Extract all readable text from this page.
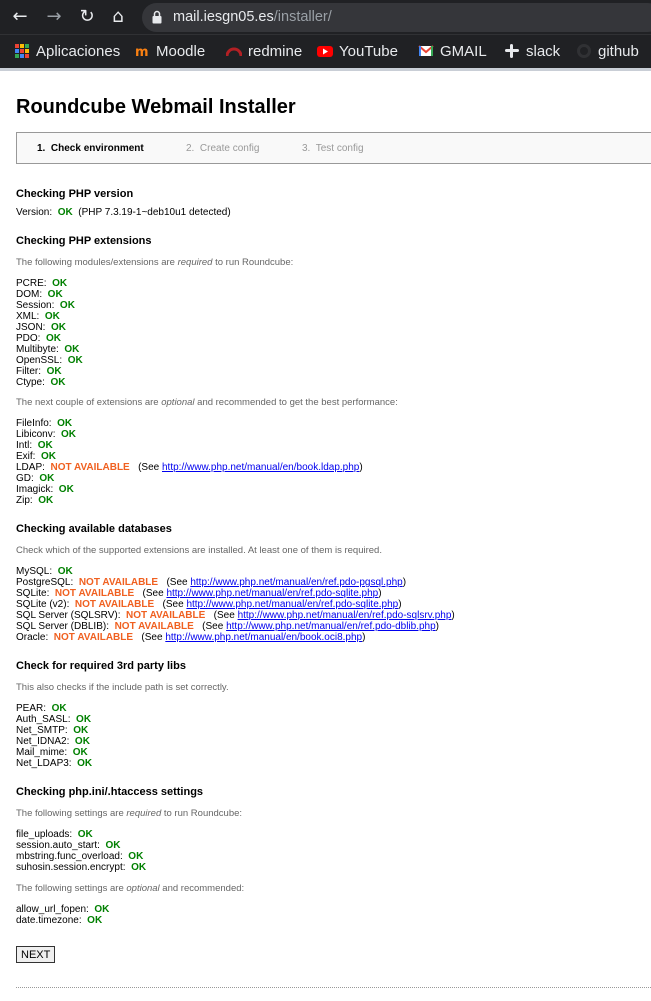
← → ↻ ⌂	mail.iesgn05.es/installer/
Aplicaciones m Moodle	redmine YouTube	GMAIL	slack	github
Roundcube Webmail Installer
1. Check environment	2. Create config	3. Test config
Checking PHP version
Version: OK (PHP 7.3.19-1~deb10u1 detected)
Checking PHP extensions
The following modules/extensions are required to run Roundcube:
PCRE: OK
DOM: OK
Session: OK
XML: OK
JSON: OK
PDO: OK
Multibyte: OK
OpenSSL: OK
Filter: OK
Ctype: OK
The next couple of extensions are optional and recommended to get the best performance:
FileInfo: OK
Libiconv: OK
Intl: OK
Exif: OK
LDAP: NOT AVAILABLE (See http://www.php.net/manual/en/book.ldap.php)
GD: OK
Imagick: OK
Zip: OK
Checking available databases
Check which of the supported extensions are installed. At least one of them is required.
MySQL: OK
PostgreSQL: NOT AVAILABLE (See http://www.php.net/manual/en/ref.pdo-pgsql.php)
SQLite: NOT AVAILABLE (See http://www.php.net/manual/en/ref.pdo-sqlite.php)
SQLite (v2): NOT AVAILABLE (See http://www.php.net/manual/en/ref.pdo-sqlite.php)
SQL Server (SQLSRV): NOT AVAILABLE (See http://www.php.net/manual/en/ref.pdo-sqlsrv.php)
SQL Server (DBLIB): NOT AVAILABLE (See http://www.php.net/manual/en/ref.pdo-dblib.php)
Oracle: NOT AVAILABLE (See http://www.php.net/manual/en/book.oci8.php)
Check for required 3rd party libs
This also checks if the include path is set correctly.
PEAR: OK
Auth_SASL: OK
Net_SMTP: OK
Net_IDNA2: OK
Mail_mime: OK
Net_LDAP3: OK
Checking php.ini/.htaccess settings
The following settings are required to run Roundcube:
file_uploads: OK
session.auto_start: OK
mbstring.func_overload: OK
suhosin.session.encrypt: OK
The following settings are optional and recommended:
allow_url_fopen: OK
date.timezone: OK
NEXT
